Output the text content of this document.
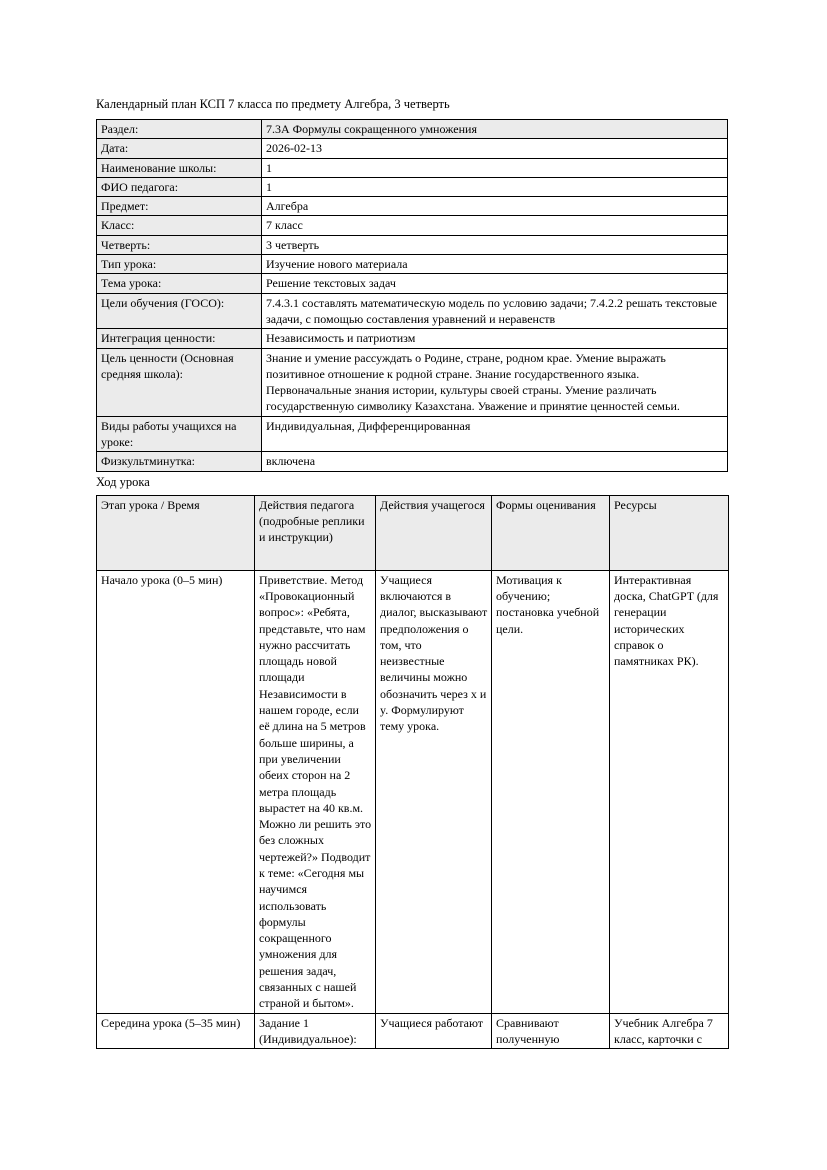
Календарный план КСП 7 класса по предмету Алгебра, 3 четверть
Раздел:	7.3А Формулы сокращенного умножения
Дата:	2026-02-13
Наименование школы:	1
ФИО педагога:	1
Предмет:	Алгебра
Класс:	7 класс
Четверть:	3 четверть
Тип урока:	Изучение нового материала
Тема урока:	Решение текстовых задач
Цели обучения (ГОСО):	7.4.3.1 составлять математическую модель по условию задачи; 7.4.2.2 решать текстовые задачи, с помощью составления уравнений и неравенств
Интеграция ценности:	Независимость и патриотизм
Цель ценности (Основная средняя школа):	Знание и умение рассуждать о Родине, стране, родном крае. Умение выражать позитивное отношение к родной стране. Знание государственного языка. Первоначальные знания истории, культуры своей страны. Умение различать государственную символику Казахстана. Уважение и принятие ценностей семьи.
Виды работы учащихся на уроке:	Индивидуальная, Дифференцированная
Физкультминутка:	включена
Ход урока
Этап урока / Время	Действия педагога (подробные реплики и инструкции)	Действия учащегося	Формы оценивания	Ресурсы
Начало урока (0–5 мин)	Приветствие. Метод «Провокационный вопрос»: «Ребята, представьте, что нам нужно рассчитать площадь новой площади Независимости в нашем городе, если её длина на 5 метров больше ширины, а при увеличении обеих сторон на 2 метра площадь вырастет на 40 кв.м. Можно ли решить это без сложных чертежей?» Подводит к теме: «Сегодня мы научимся использовать формулы сокращенного умножения для решения задач, связанных с нашей страной и бытом».	Учащиеся включаются в диалог, высказывают предположения о том, что неизвестные величины можно обозначить через x и y. Формулируют тему урока.	Мотивация к обучению; постановка учебной цели.	Интерактивная доска, ChatGPT (для генерации исторических справок о памятниках РК).
Середина урока (5–35 мин)	Задание 1 (Индивидуальное):	Учащиеся работают	Сравнивают полученную	Учебник Алгебра 7 класс, карточки с
